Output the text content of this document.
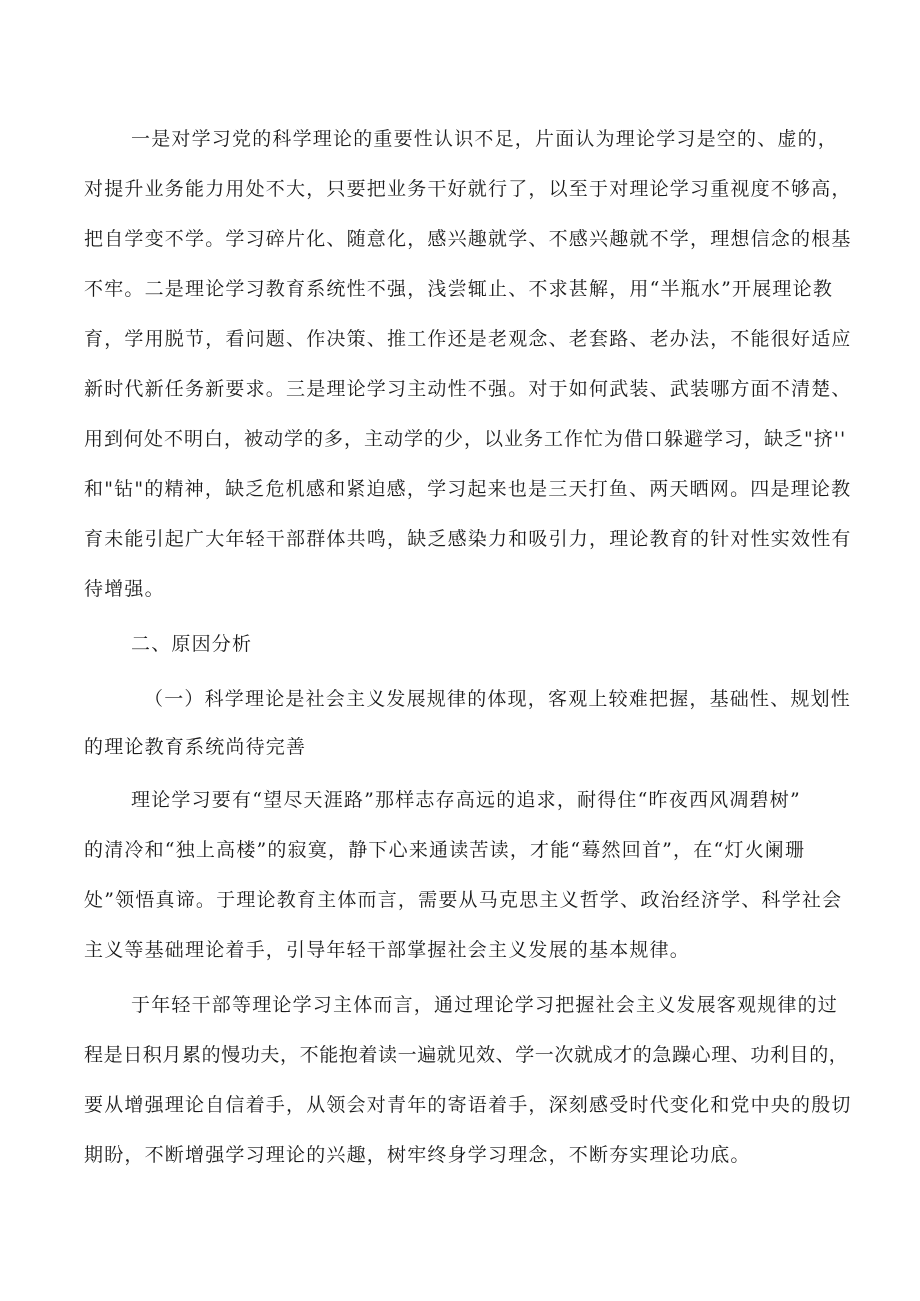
一是对学习党的科学理论的重要性认识不足，片面认为理论学习是空的、虚的，
对提升业务能力用处不大，只要把业务干好就行了，以至于对理论学习重视度不够高，
把自学变不学。学习碎片化、随意化，感兴趣就学、不感兴趣就不学，理想信念的根基
不牢。二是理论学习教育系统性不强，浅尝辄止、不求甚解，用“半瓶水”开展理论教
育，学用脱节，看问题、作决策、推工作还是老观念、老套路、老办法，不能很好适应
新时代新任务新要求。三是理论学习主动性不强。对于如何武装、武装哪方面不清楚、
用到何处不明白，被动学的多，主动学的少，以业务工作忙为借口躲避学习，缺乏"挤''
和"钻"的精神，缺乏危机感和紧迫感，学习起来也是三天打鱼、两天晒网。四是理论教
育未能引起广大年轻干部群体共鸣，缺乏感染力和吸引力，理论教育的针对性实效性有
待增强。
二、原因分析
（一）科学理论是社会主义发展规律的体现，客观上较难把握，基础性、规划性
的理论教育系统尚待完善
理论学习要有“望尽天涯路”那样志存高远的追求，耐得住“昨夜西风凋碧树”
的清冷和“独上高楼”的寂寞，静下心来通读苦读，才能“蓦然回首”，在“灯火阑珊
处”领悟真谛。于理论教育主体而言，需要从马克思主义哲学、政治经济学、科学社会
主义等基础理论着手，引导年轻干部掌握社会主义发展的基本规律。
于年轻干部等理论学习主体而言，通过理论学习把握社会主义发展客观规律的过
程是日积月累的慢功夫，不能抱着读一遍就见效、学一次就成才的急躁心理、功利目的，
要从增强理论自信着手，从领会对青年的寄语着手，深刻感受时代变化和党中央的殷切
期盼，不断增强学习理论的兴趣，树牢终身学习理念，不断夯实理论功底。
